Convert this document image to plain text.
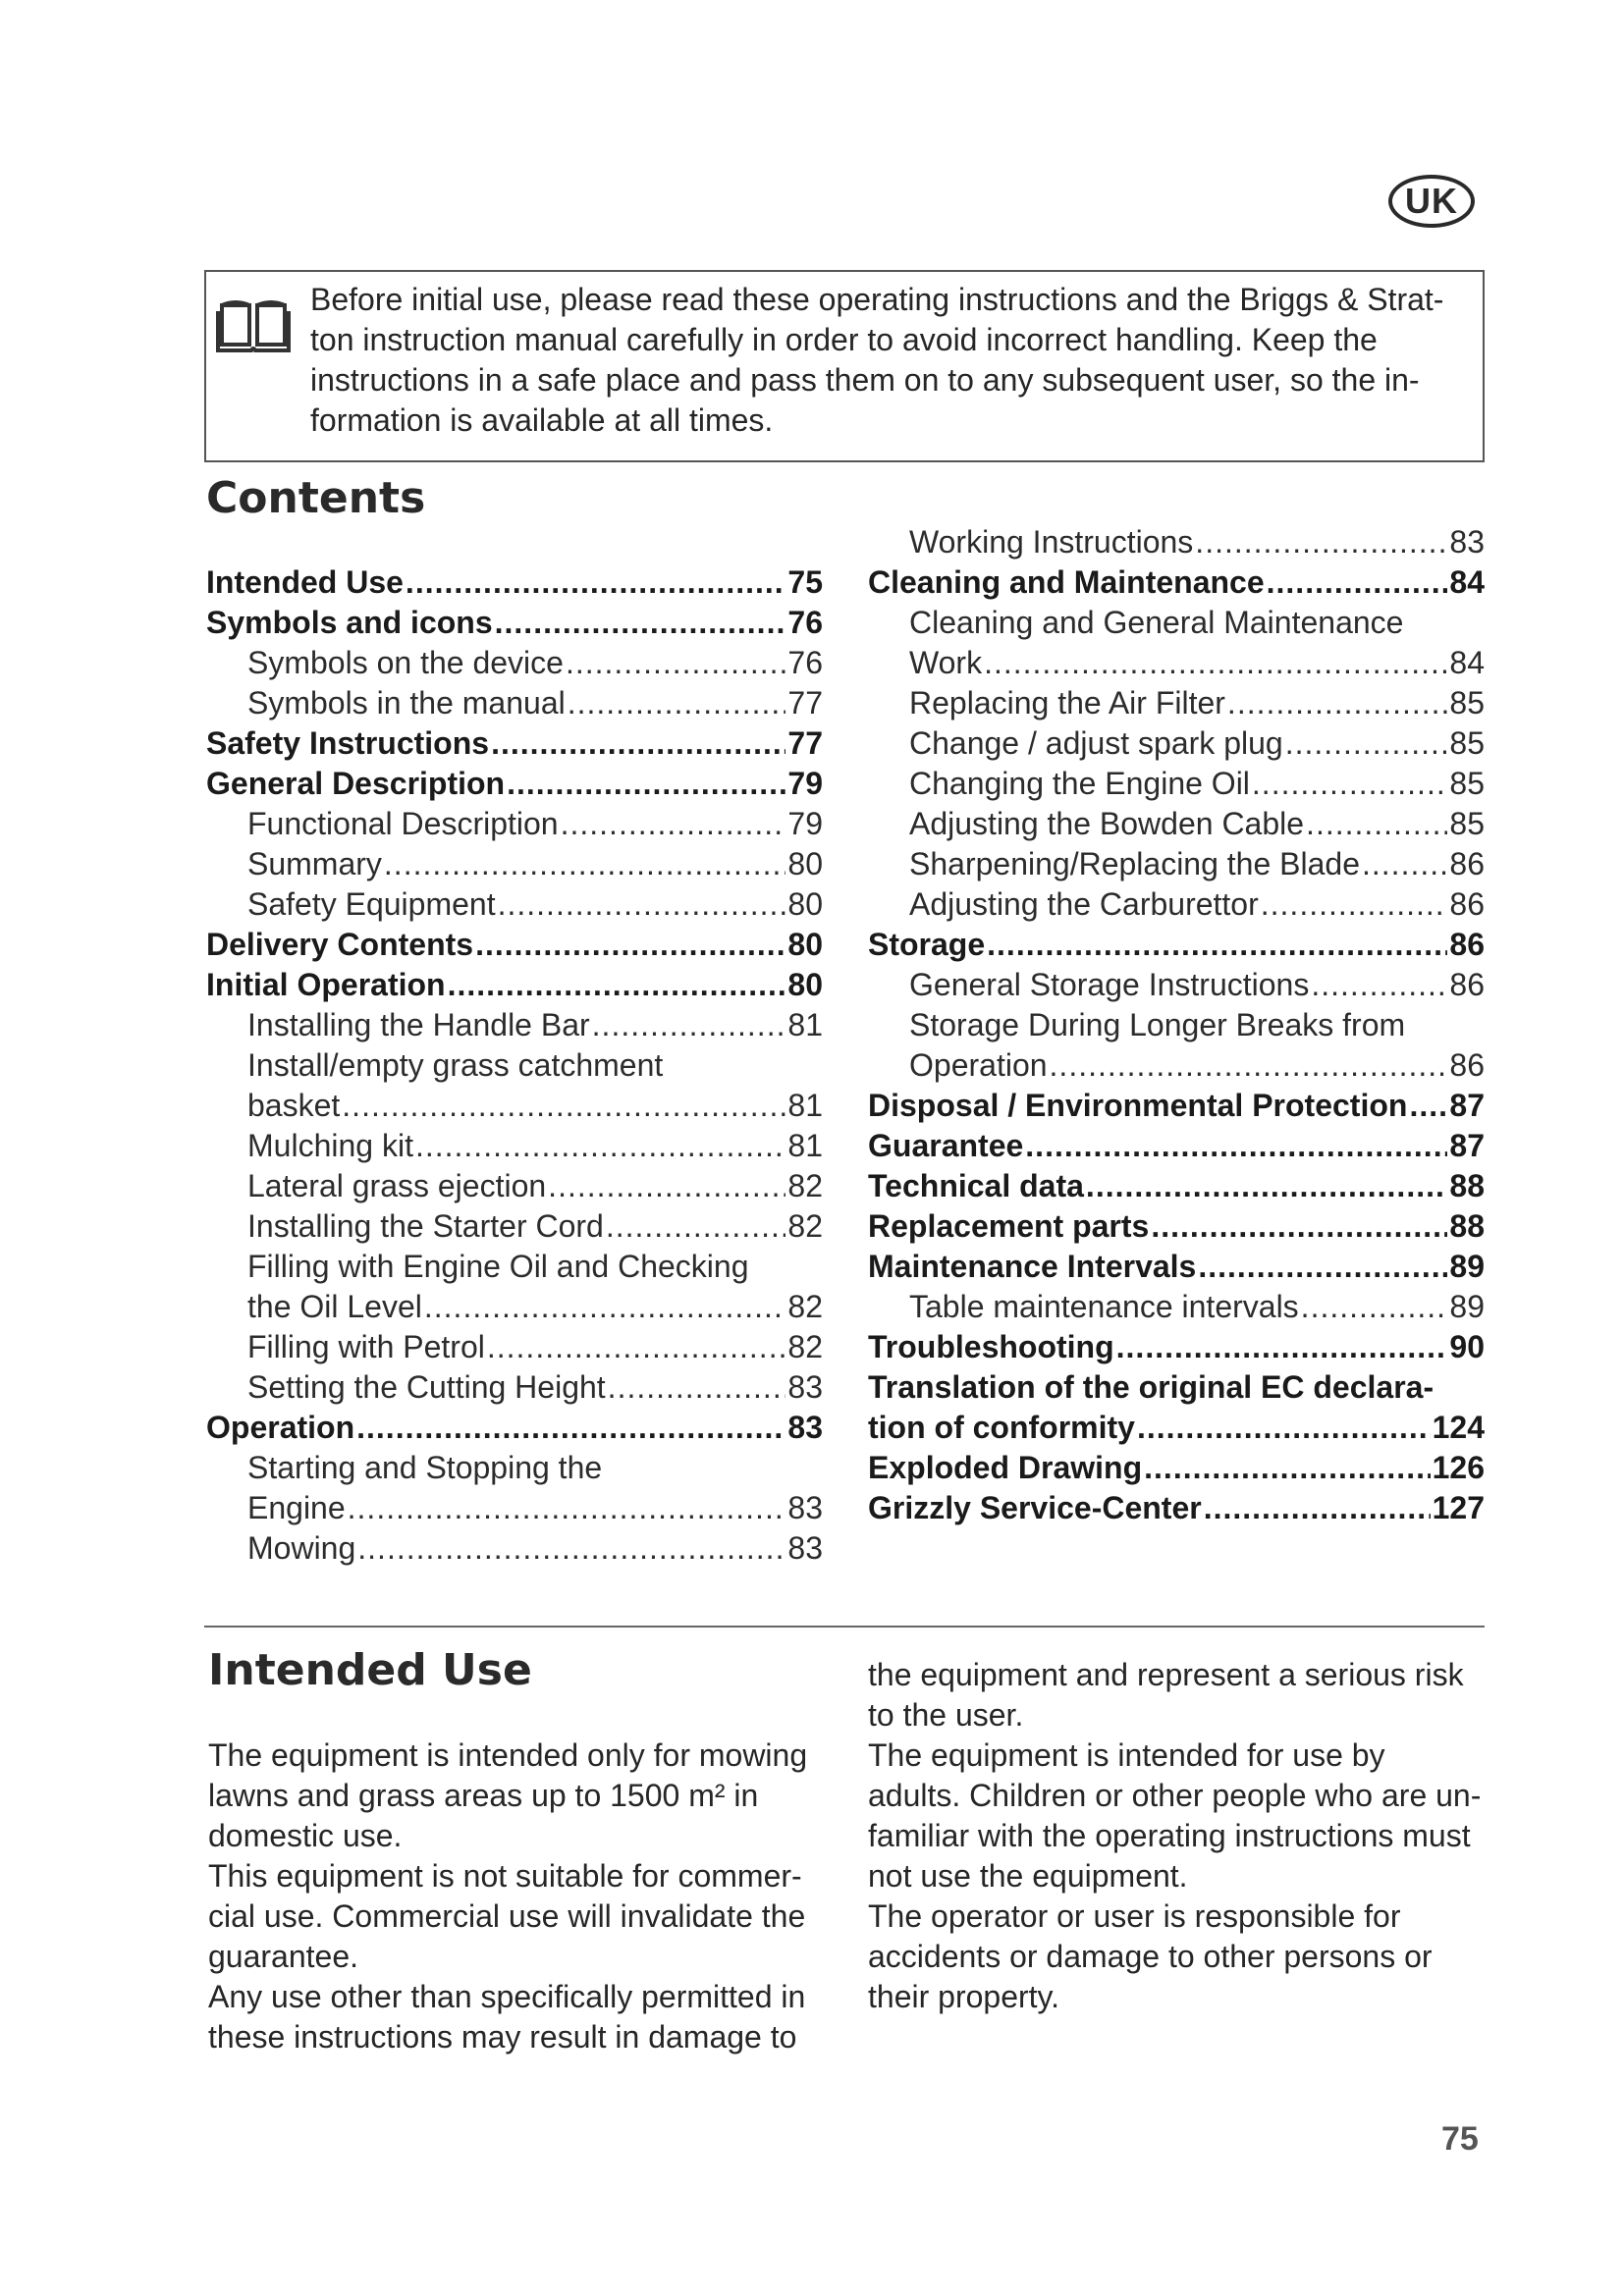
UK
Before initial use, please read these operating instructions and the Briggs & Strat-
ton instruction manual carefully in order to avoid incorrect handling. Keep the
instructions in a safe place and pass them on to any subsequent user, so the in-
formation is available at all times.
Contents
Intended Use .....	75
Symbols and icons .....	76
Symbols on the device .....	76
Symbols in the manual .....	77
Safety Instructions .....	77
General Description .....	79
Functional Description .....	79
Summary .....	80
Safety Equipment .....	80
Delivery Contents .....	80
Initial Operation .....	80
Installing the Handle Bar .....	81
Install/empty grass catchment
basket .....	81
Mulching kit .....	81
Lateral grass ejection .....	82
Installing the Starter Cord .....	82
Filling with Engine Oil and Checking
the Oil Level .....	82
Filling with Petrol .....	82
Setting the Cutting Height .....	83
Operation .....	83
Starting and Stopping the
Engine .....	83
Mowing .....	83
Working Instructions .....	83
Cleaning and Maintenance .....	84
Cleaning and General Maintenance
Work .....	84
Replacing the Air Filter .....	85
Change / adjust spark plug .....	85
Changing the Engine Oil .....	85
Adjusting the Bowden Cable .....	85
Sharpening/Replacing the Blade .....	86
Adjusting the Carburettor .....	86
Storage .....	86
General Storage Instructions .....	86
Storage During Longer Breaks from
Operation .....	86
Disposal / Environmental Protection ..... 87
Guarantee .....	87
Technical data .....	88
Replacement parts .....	88
Maintenance Intervals .....	89
Table maintenance intervals .....	89
Troubleshooting .....	90
Translation of the original EC declara-
tion of conformity .....	124
Exploded Drawing .....	126
Grizzly Service-Center .....	127
Intended Use

The equipment is intended only for mowing

lawns and grass areas up to 1500 m² in

domestic use.

This equipment is not suitable for commer-

cial use. Commercial use will invalidate the

guarantee.

Any use other than specifically permitted in

these instructions may result in damage to

the equipment and represent a serious risk

to the user.

The equipment is intended for use by

adults. Children or other people who are un-

familiar with the operating instructions must

not use the equipment.

The operator or user is responsible for

accidents or damage to other persons or

their property.

75
